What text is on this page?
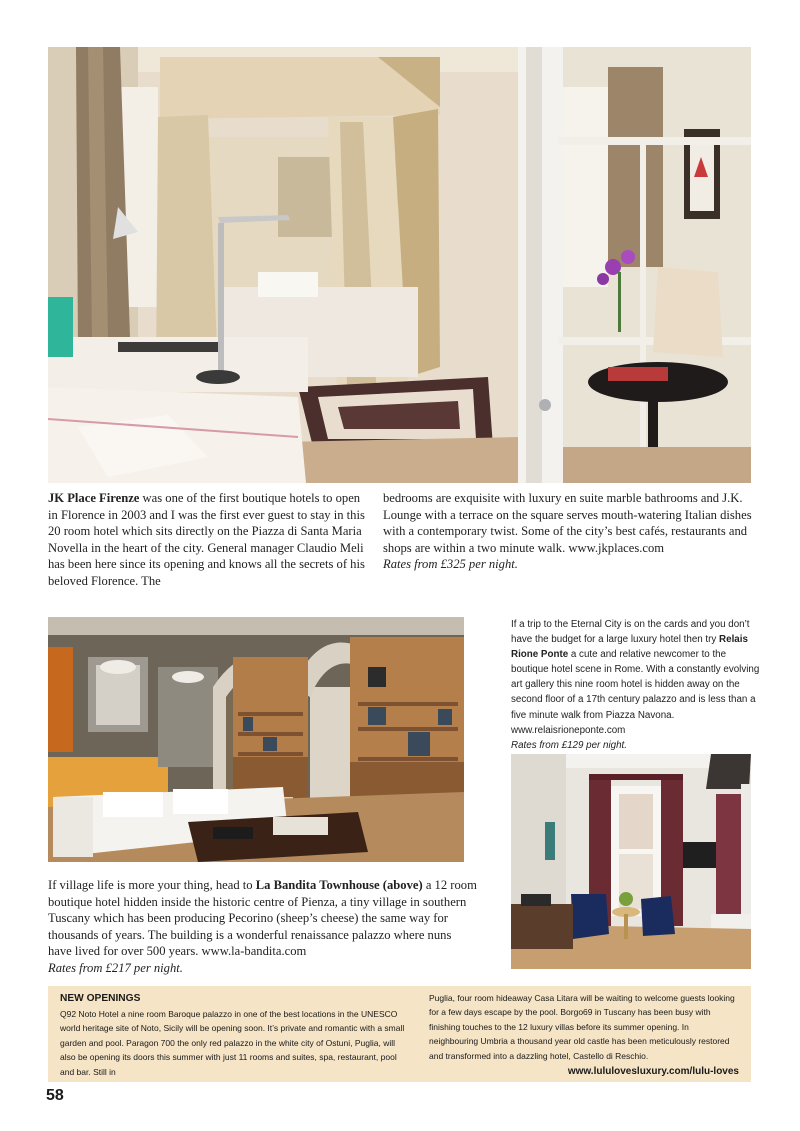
JK Place Firenze was one of the first boutique hotels to open in Florence in 2003 and I was the first ever guest to stay in this 20 room hotel which sits directly on the Piazza di Santa Maria Novella in the heart of the city. General manager Claudio Meli has been here since its opening and knows all the secrets of his beloved Florence. The
bedrooms are exquisite with luxury en suite marble bathrooms and J.K. Lounge with a terrace on the square serves mouth-watering Italian dishes with a contemporary twist. Some of the city’s best cafés, restaurants and shops are within a two minute walk. www.jkplaces.com
Rates from £325 per night.
If a trip to the Eternal City is on the cards and you don’t have the budget for a large luxury hotel then try Relais Rione Ponte a cute and relative newcomer to the boutique hotel scene in Rome. With a constantly evolving art gallery this nine room hotel is hidden away on the second floor of a 17th century palazzo and is less than a five minute walk from Piazza Navona. www.relaisrioneponte.com
Rates from £129 per night.
If village life is more your thing, head to La Bandita Townhouse (above) a 12 room boutique hotel hidden inside the historic centre of Pienza, a tiny village in southern Tuscany which has been producing Pecorino (sheep’s cheese) the same way for thousands of years. The building is a wonderful renaissance palazzo where nuns have lived for over 500 years. www.la-bandita.com
Rates from £217 per night.
NEW OPENINGS
Q92 Noto Hotel a nine room Baroque palazzo in one of the best locations in the UNESCO world heritage site of Noto, Sicily will be opening soon. It’s private and romantic with a small garden and pool. Paragon 700 the only red palazzo in the white city of Ostuni, Puglia, will also be opening its doors this summer with just 11 rooms and suites, spa, restaurant, pool and bar. Still in
Puglia, four room hideaway Casa Litara will be waiting to welcome guests looking for a few days escape by the pool. Borgo69 in Tuscany has been busy with finishing touches to the 12 luxury villas before its summer opening. In neighbouring Umbria a thousand year old castle has been meticulously restored and transformed into a dazzling hotel, Castello di Reschio.
www.lululovesluxury.com/lulu-loves
58
